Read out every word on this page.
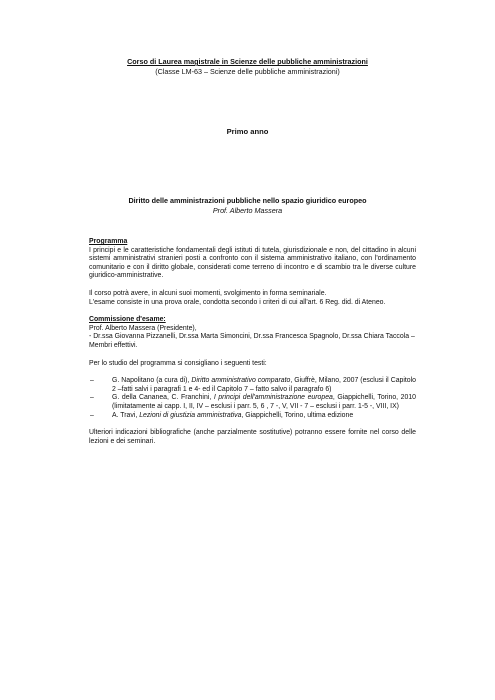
Corso di Laurea magistrale in Scienze delle pubbliche amministrazioni
(Classe LM-63 – Scienze delle pubbliche amministrazioni)
Primo anno
Diritto delle amministrazioni pubbliche nello spazio giuridico europeo
Prof. Alberto Massera

Programma

I principi e le caratteristiche fondamentali degli istituti di tutela, giurisdizionale e non, del cittadino in alcuni sistemi amministrativi stranieri posti a confronto con il sistema amministrativo italiano, con l'ordinamento comunitario e con il diritto globale, considerati come terreno di incontro e di scambio tra le diverse culture giuridico-amministrative.

Il corso potrà avere, in alcuni suoi momenti, svolgimento in forma seminariale.

L'esame consiste in una prova orale, condotta secondo i criteri di cui all'art. 6 Reg. did. di Ateneo.

Commissione d'esame:

Prof. Alberto Massera (Presidente),

- Dr.ssa Giovanna Pizzanelli, Dr.ssa Marta Simoncini, Dr.ssa Francesca Spagnolo, Dr.ssa Chiara Taccola –

Membri effettivi.

Per lo studio del programma si consigliano i seguenti testi:

–	G. Napolitano (a cura di), Diritto amministrativo comparato, Giuffrè, Milano, 2007 (esclusi il Capitolo 2 –fatti salvi i paragrafi 1 e 4- ed il Capitolo 7 – fatto salvo il paragrafo 6)
–	G. della Cananea, C. Franchini, I principi dell'amministrazione europea, Giappichelli, Torino, 2010 (limitatamente ai capp. I, II, IV – esclusi i parr. 5, 6 , 7 -, V, VII - 7 – esclusi i parr. 1-5 -, VIII, IX)
–	A. Travi, Lezioni di giustizia amministrativa, Giappichelli, Torino, ultima edizione

Ulteriori indicazioni bibliografiche (anche parzialmente sostitutive) potranno essere fornite nel corso delle lezioni e dei seminari.
